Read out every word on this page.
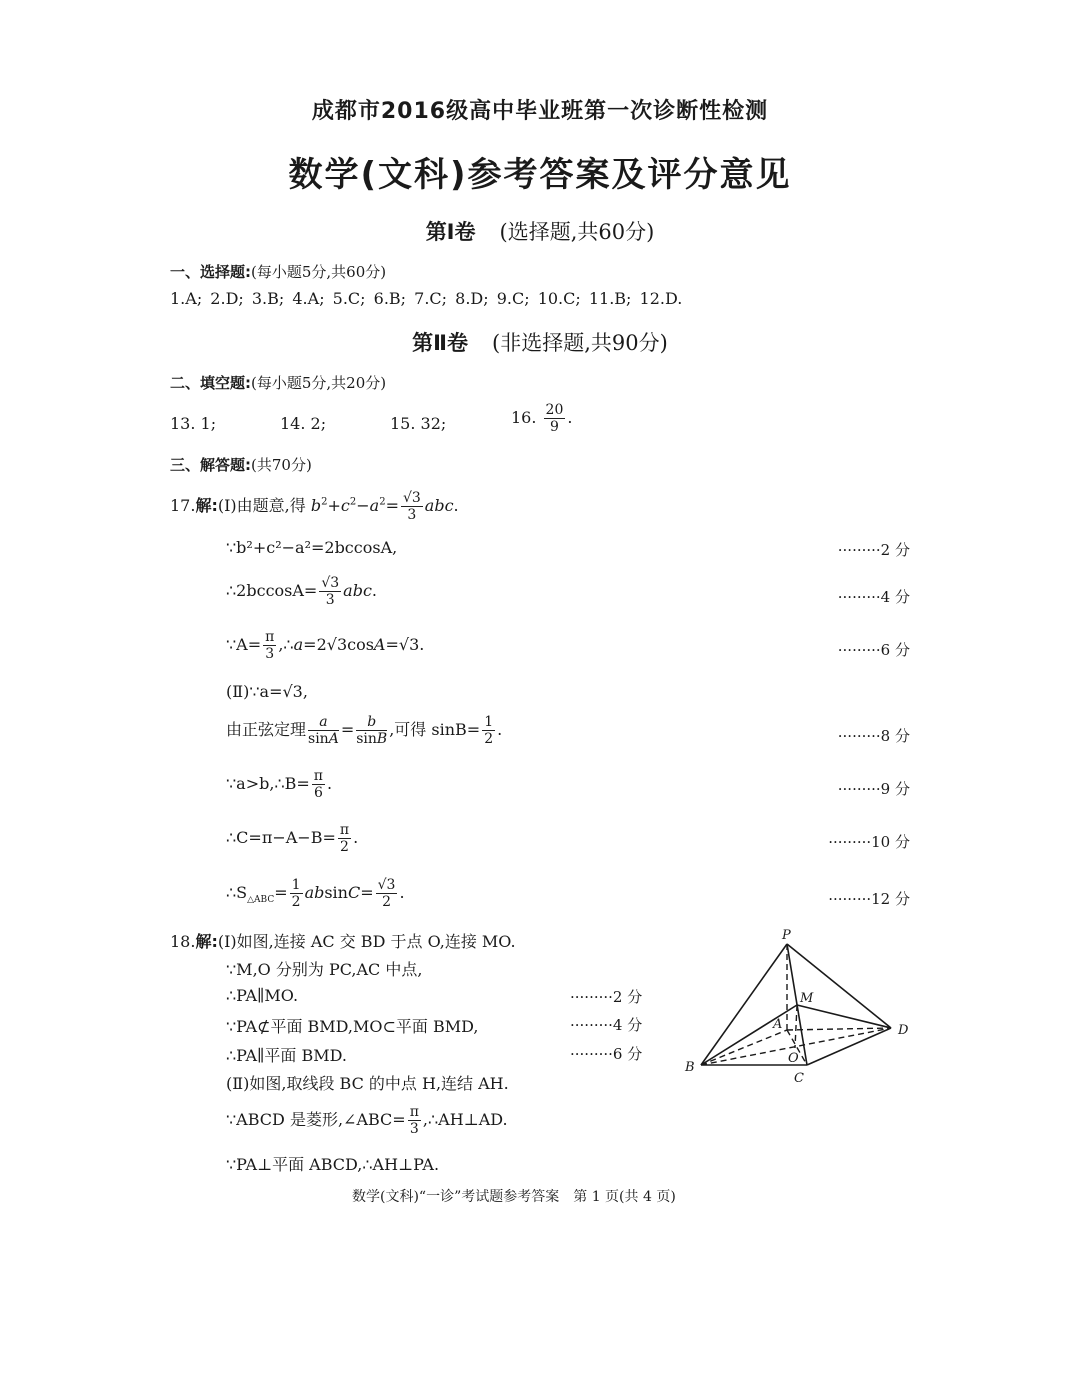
成都市2016级高中毕业班第一次诊断性检测
数学(文科)参考答案及评分意见
第Ⅰ卷 (选择题,共60分)
一、选择题:(每小题5分,共60分)
1.A; 2.D; 3.B; 4.A; 5.C; 6.B; 7.C; 8.D; 9.C; 10.C; 11.B; 12.D.
第Ⅱ卷 (非选择题,共90分)
二、填空题:(每小题5分,共20分)
13. 1;	14. 2;	15. 32;	16. $\frac{20}{9}$ .
三、解答题:(共70分)
17.解:(Ⅰ)由题意,得 $b^2+c^2-a^2= \frac{√3}{3}$ abc.
∵b²+c²−a²=2bccosA,
∴2bccosA= $\frac{√3}{3}$ abc.
∵A= $\frac{\pi}{3}$ ,∴a=2√3cosA=√3.
(Ⅱ)∵a=√3,
由正弦定理 $\frac{a}{\sin A} = \frac{b}{\sin B}$ ,可得 $\sin B= \frac{1}{2}$ .
∵a>b,∴B= $\frac{\pi}{6}$ .
∴C=π−A−B= $\frac{\pi}{2}$ .
$\therefore S_{\triangle ABC}= \frac{1}{2} absinC= \frac{√3}{2}$ .
·········2 分
·········4 分
·········6 分
·········8 分
·········9 分
·········10 分
·········12 分
18.解:(Ⅰ)如图,连接 AC 交 BD 于点 O,连接 MO.
∵M,O 分别为 PC,AC 中点,
∴PA∥MO.
∵PA⊄平面 BMD,MO⊂平面 BMD,
∴PA∥平面 BMD.
(Ⅱ)如图,取线段 BC 的中点 H,连结 AH.
∵ABCD 是菱形,∠ABC= $\frac{\pi}{3}$ ,∴AH⊥AD.
∵PA⊥平面 ABCD,∴AH⊥PA.
·········2 分
·········4 分
·········6 分
P
M
A	D
B
O
C
数学(文科)“一诊”考试题参考答案　第 1 页(共 4 页)
